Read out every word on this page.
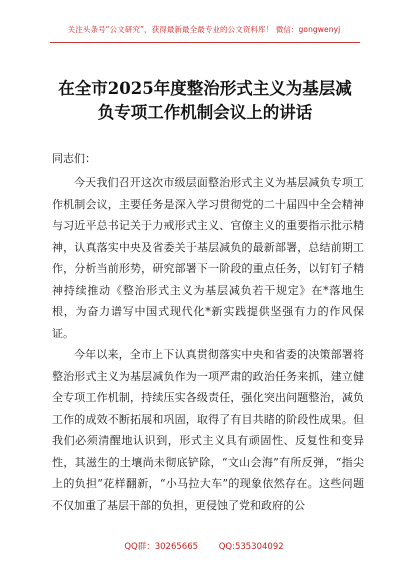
关注头条号“公文研究”，获得最新最全最专业的公文资料库！ 微信：gongwenyj
在全市2025年度整治形式主义为基层减
负专项工作机制会议上的讲话
同志们：

今天我们召开这次市级层面整治形式主义为基层减负专项工作机制会议，主要任务是深入学习贯彻党的二十届四中全会精神与习近平总书记关于力戒形式主义、官僚主义的重要指示批示精神，认真落实中央及省委关于基层减负的最新部署，总结前期工作，分析当前形势，研究部署下一阶段的重点任务，以钉钉子精神持续推动《整治形式主义为基层减负若干规定》在*落地生根，为奋力谱写中国式现代化*新实践提供坚强有力的作风保证。

今年以来，全市上下认真贯彻落实中央和省委的决策部署将整治形式主义为基层减负作为一项严肃的政治任务来抓，建立健全专项工作机制，持续压实各级责任，强化突出问题整治，减负工作的成效不断拓展和巩固，取得了有目共睹的阶段性成果。但我们必须清醒地认识到，形式主义具有顽固性、反复性和变异性，其滋生的土壤尚未彻底铲除，“文山会海”有所反弹，“指尖上的负担”花样翻新，“小马拉大车”的现象依然存在。这些问题不仅加重了基层干部的负担，更侵蚀了党和政府的公

QQ群：30265665 QQ:535304092
